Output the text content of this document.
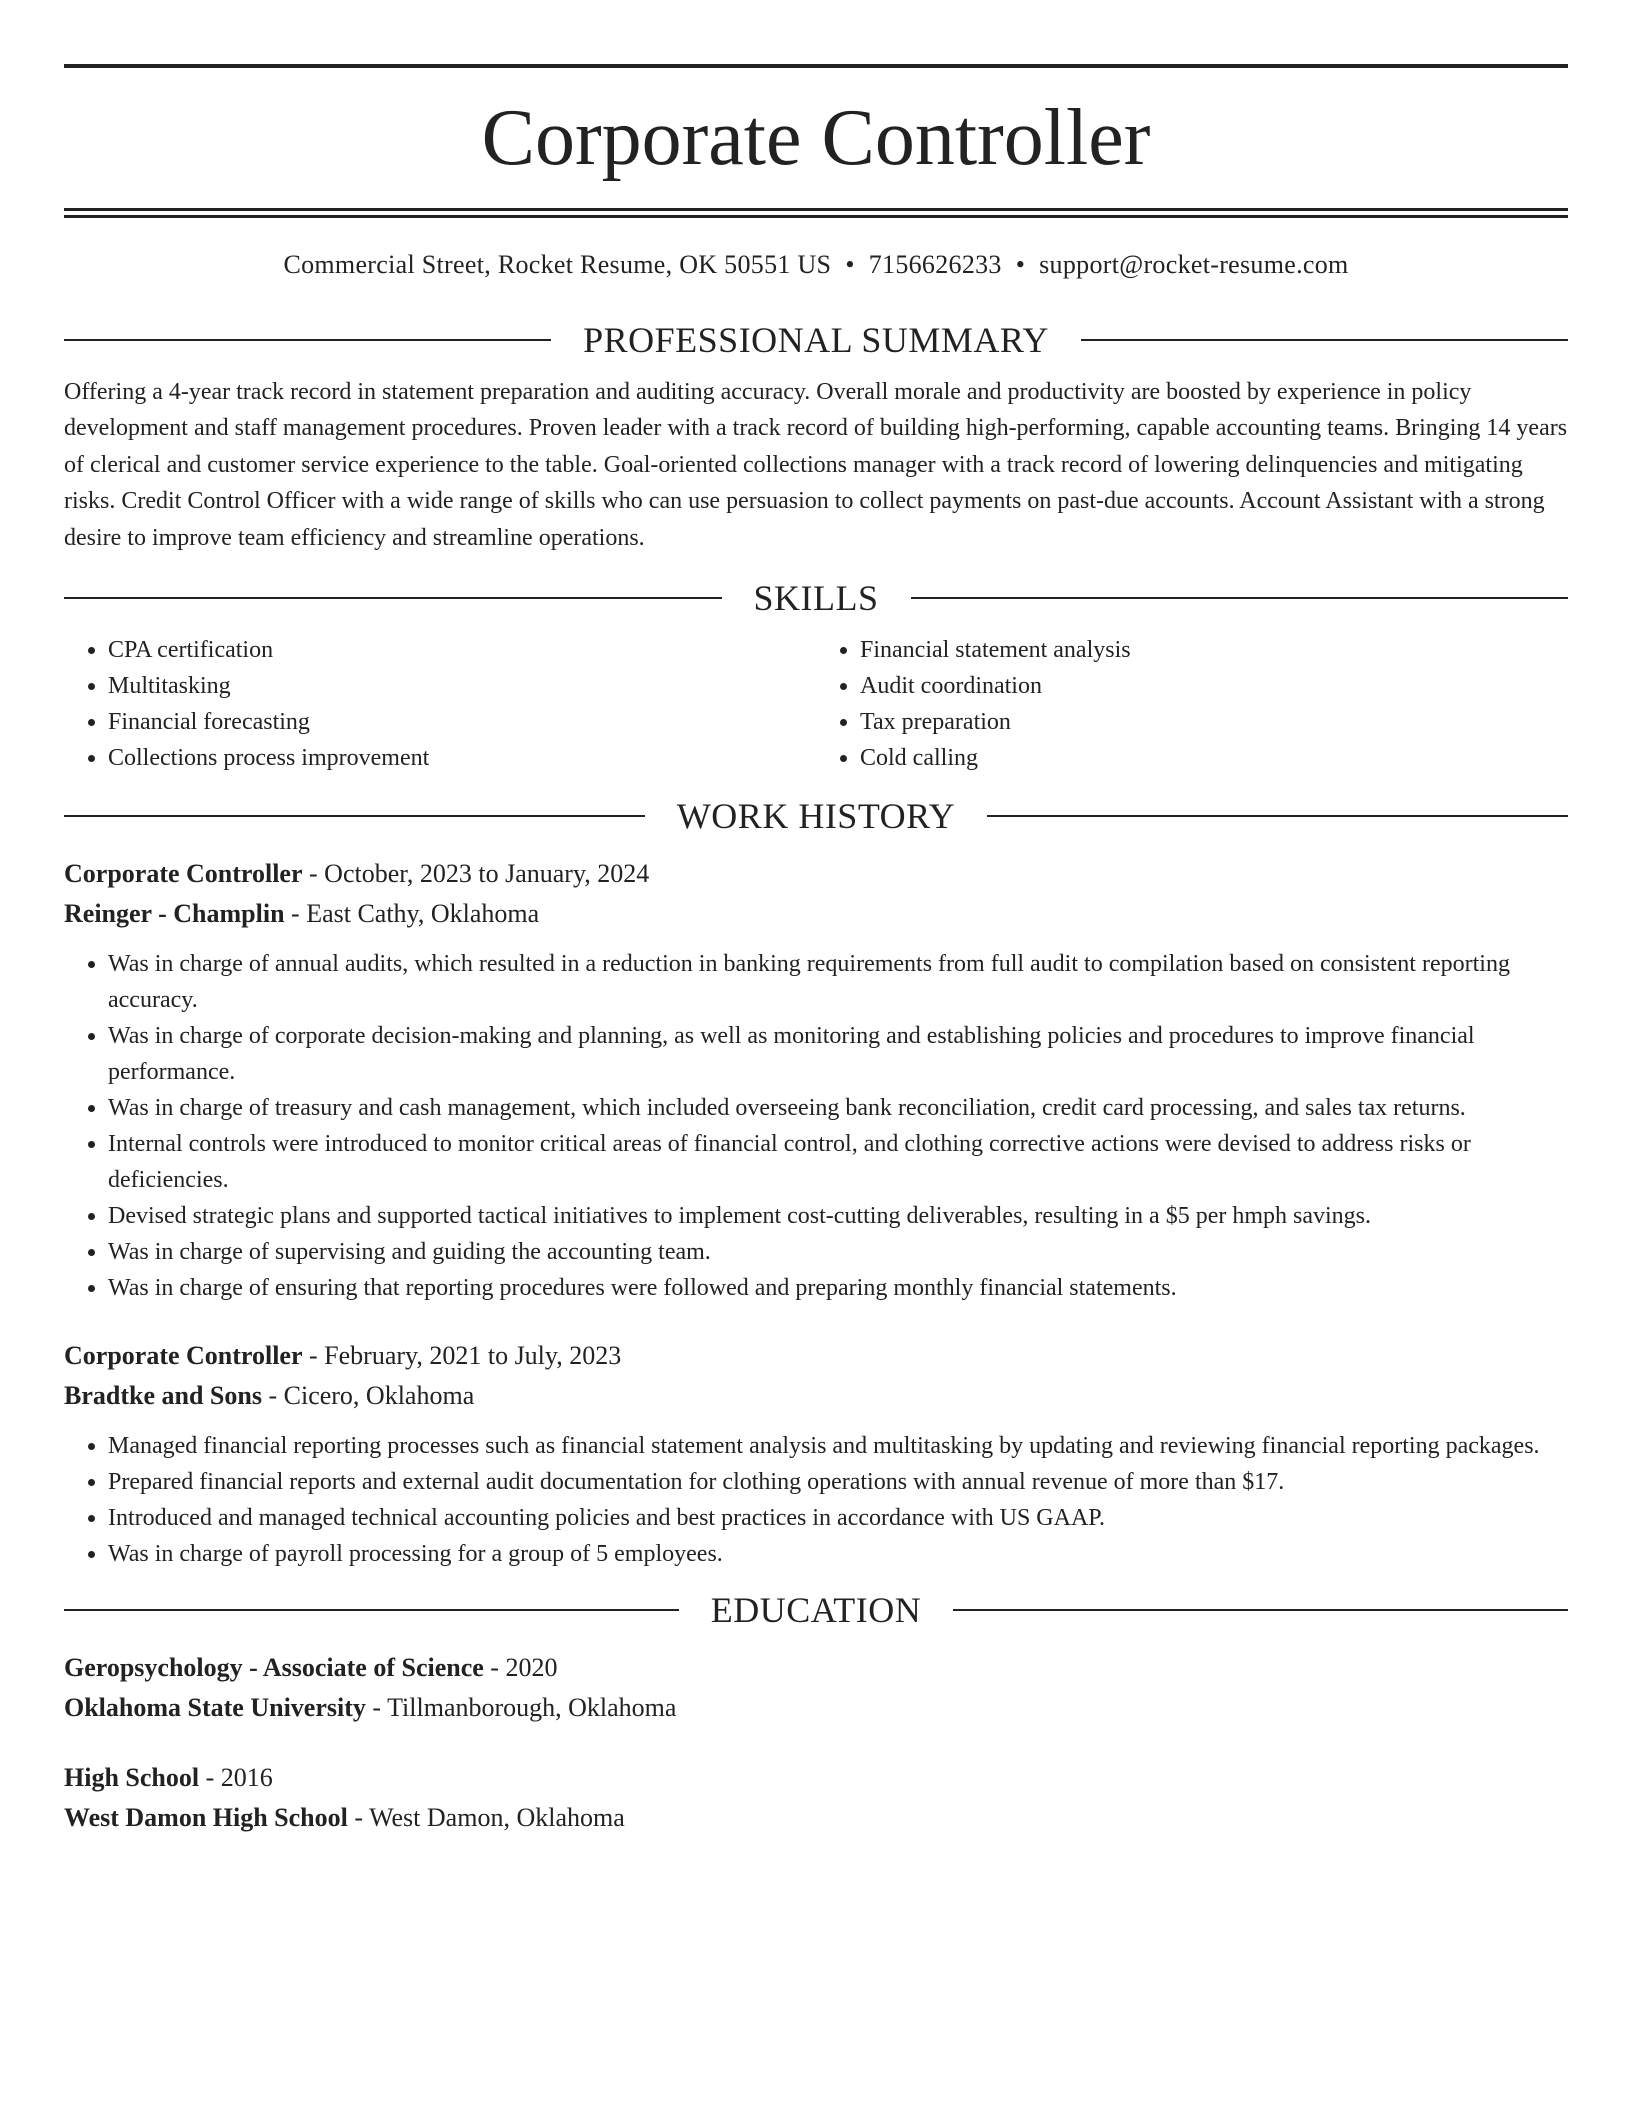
Corporate Controller
Commercial Street, Rocket Resume, OK 50551 US • 7156626233 • support@rocket-resume.com
PROFESSIONAL SUMMARY

Offering a 4-year track record in statement preparation and auditing accuracy. Overall morale and productivity are boosted by experience in policy development and staff management procedures. Proven leader with a track record of building high-performing, capable accounting teams. Bringing 14 years of clerical and customer service experience to the table. Goal-oriented collections manager with a track record of lowering delinquencies and mitigating risks. Credit Control Officer with a wide range of skills who can use persuasion to collect payments on past-due accounts. Account Assistant with a strong desire to improve team efficiency and streamline operations.

SKILLS
• CPA certification
• Multitasking
• Financial forecasting
• Collections process improvement
• Financial statement analysis
• Audit coordination
• Tax preparation
• Cold calling
WORK HISTORY
Corporate Controller - October, 2023 to January, 2024
Reinger - Champlin - East Cathy, Oklahoma
• Was in charge of annual audits, which resulted in a reduction in banking requirements from full audit to compilation based on consistent reporting accuracy.
• Was in charge of corporate decision-making and planning, as well as monitoring and establishing policies and procedures to improve financial performance.
• Was in charge of treasury and cash management, which included overseeing bank reconciliation, credit card processing, and sales tax returns.
• Internal controls were introduced to monitor critical areas of financial control, and clothing corrective actions were devised to address risks or deficiencies.
• Devised strategic plans and supported tactical initiatives to implement cost-cutting deliverables, resulting in a $5 per hmph savings.
• Was in charge of supervising and guiding the accounting team.
• Was in charge of ensuring that reporting procedures were followed and preparing monthly financial statements.
Corporate Controller - February, 2021 to July, 2023
Bradtke and Sons - Cicero, Oklahoma
• Managed financial reporting processes such as financial statement analysis and multitasking by updating and reviewing financial reporting packages.
• Prepared financial reports and external audit documentation for clothing operations with annual revenue of more than $17.
• Introduced and managed technical accounting policies and best practices in accordance with US GAAP.
• Was in charge of payroll processing for a group of 5 employees.
EDUCATION
Geropsychology - Associate of Science - 2020
Oklahoma State University - Tillmanborough, Oklahoma
High School - 2016
West Damon High School - West Damon, Oklahoma
